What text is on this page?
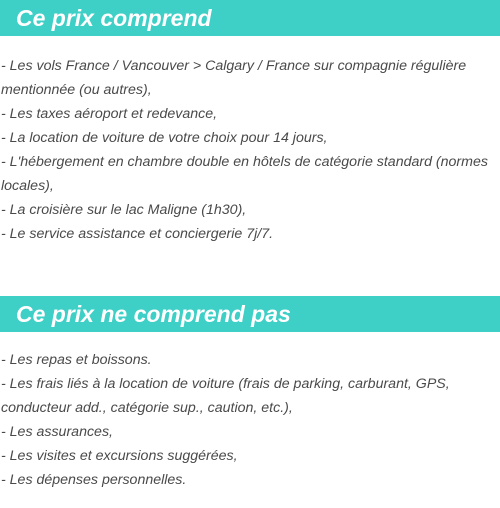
Ce prix comprend
- Les vols France / Vancouver > Calgary / France sur compagnie régulière mentionnée (ou autres),
- Les taxes aéroport et redevance,
- La location de voiture de votre choix pour 14 jours,
- L'hébergement en chambre double en hôtels de catégorie standard (normes locales),
- La croisière sur le lac Maligne (1h30),
- Le service assistance et conciergerie 7j/7.
Ce prix ne comprend pas
- Les repas et boissons.
- Les frais liés à la location de voiture (frais de parking, carburant, GPS, conducteur add., catégorie sup., caution, etc.),
- Les assurances,
- Les visites et excursions suggérées,
- Les dépenses personnelles.
